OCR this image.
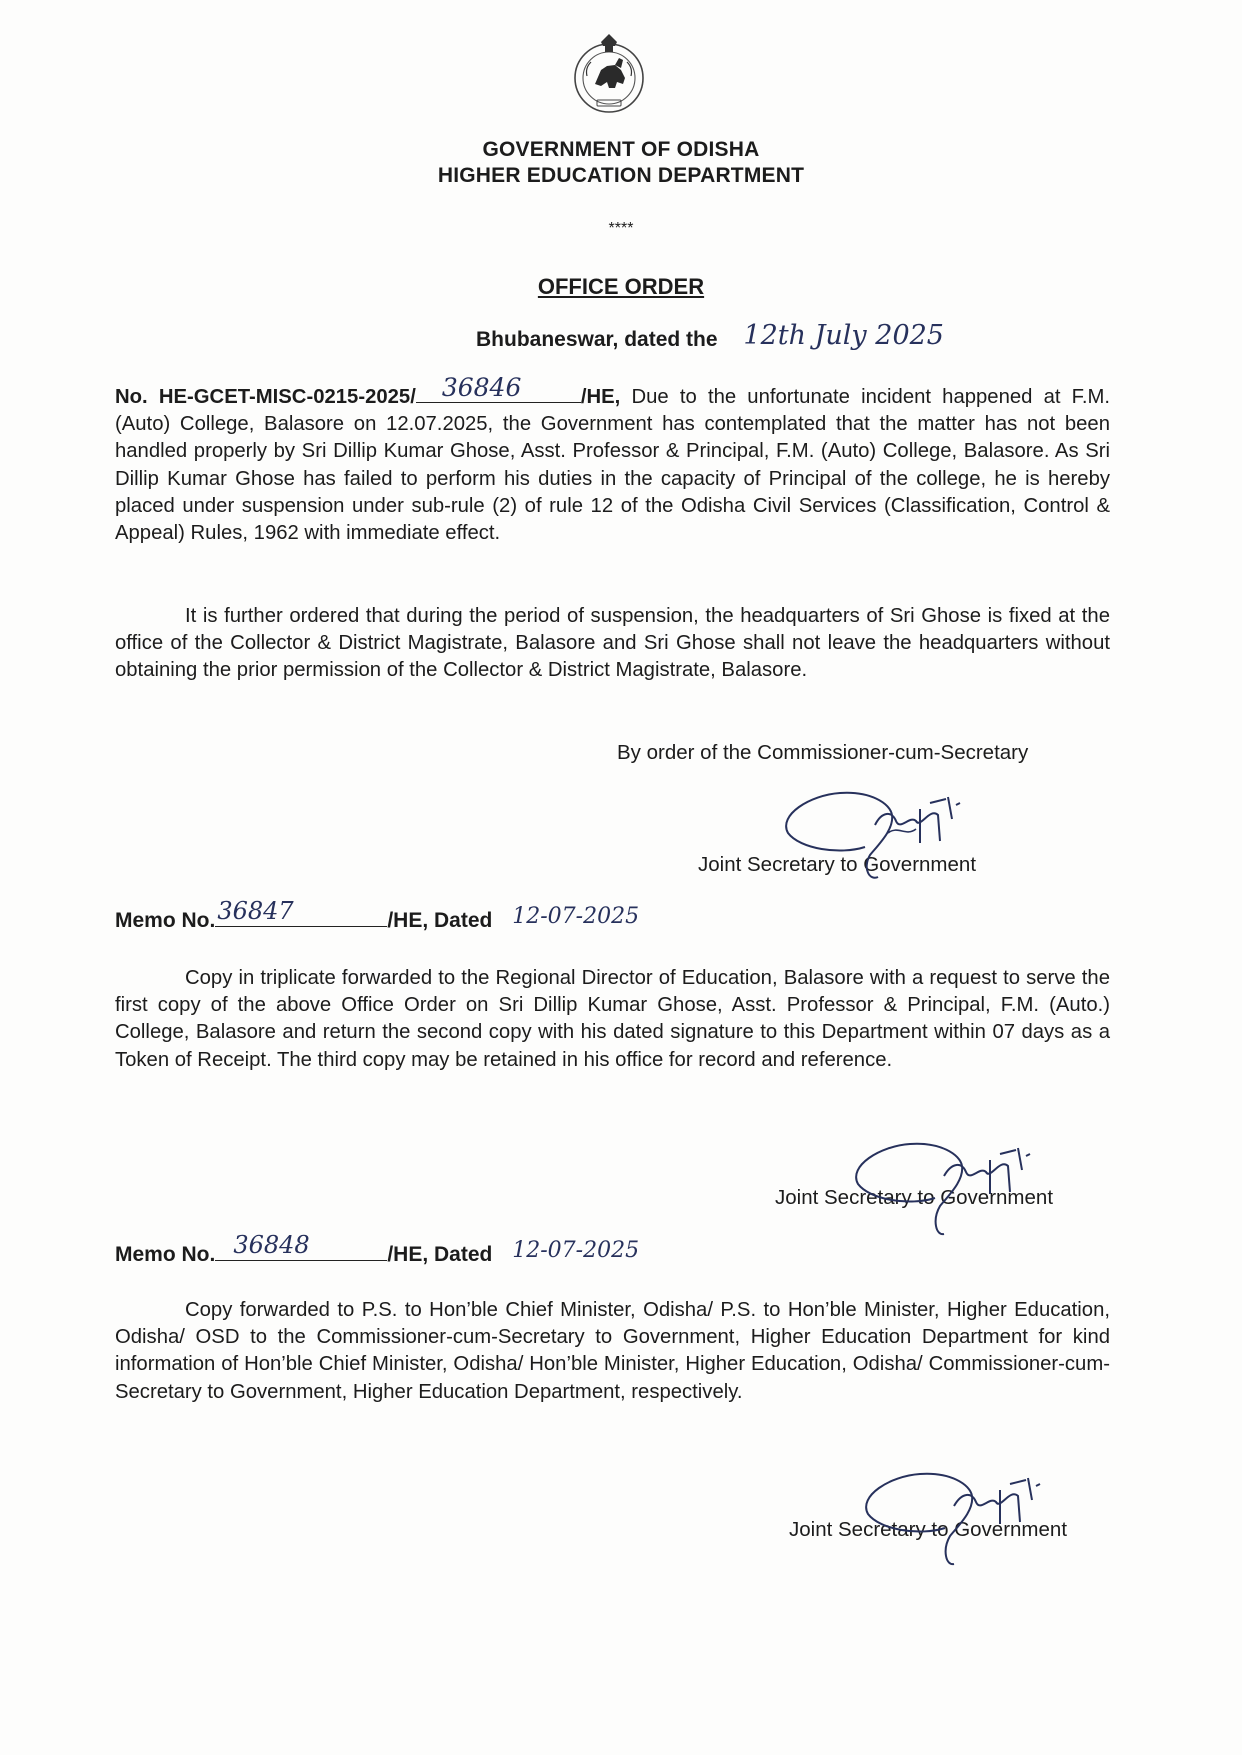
GOVERNMENT OF ODISHA
HIGHER EDUCATION DEPARTMENT
****
OFFICE ORDER
Bhubaneswar, dated the 12th July 2025

No. HE-GCET-MISC-0215-2025/ 36846	/HE, Due to the unfortunate incident happened at F.M. (Auto) College, Balasore on 12.07.2025, the Government has contemplated that the matter has not been handled properly by Sri Dillip Kumar Ghose, Asst. Professor & Principal, F.M. (Auto) College, Balasore. As Sri Dillip Kumar Ghose has failed to perform his duties in the capacity of Principal of the college, he is hereby placed under suspension under sub-rule (2) of rule 12 of the Odisha Civil Services (Classification, Control & Appeal) Rules, 1962 with immediate effect.

It is further ordered that during the period of suspension, the headquarters of Sri Ghose is fixed at the office of the Collector & District Magistrate, Balasore and Sri Ghose shall not leave the headquarters without obtaining the prior permission of the Collector & District Magistrate, Balasore.

By order of the Commissioner-cum-Secretary
Joint Secretary to Government
Memo No. 36847	/HE, Dated 12-07-2025

Copy in triplicate forwarded to the Regional Director of Education, Balasore with a request to serve the first copy of the above Office Order on Sri Dillip Kumar Ghose, Asst. Professor & Principal, F.M. (Auto.) College, Balasore and return the second copy with his dated signature to this Department within 07 days as a Token of Receipt. The third copy may be retained in his office for record and reference.

Joint Secretary to Government
Memo No. 36848	/HE, Dated 12-07-2025

Copy forwarded to P.S. to Hon’ble Chief Minister, Odisha/ P.S. to Hon’ble Minister, Higher Education, Odisha/ OSD to the Commissioner-cum-Secretary to Government, Higher Education Department for kind information of Hon’ble Chief Minister, Odisha/ Hon’ble Minister, Higher Education, Odisha/ Commissioner-cum-Secretary to Government, Higher Education Department, respectively.

Joint Secretary to Government
